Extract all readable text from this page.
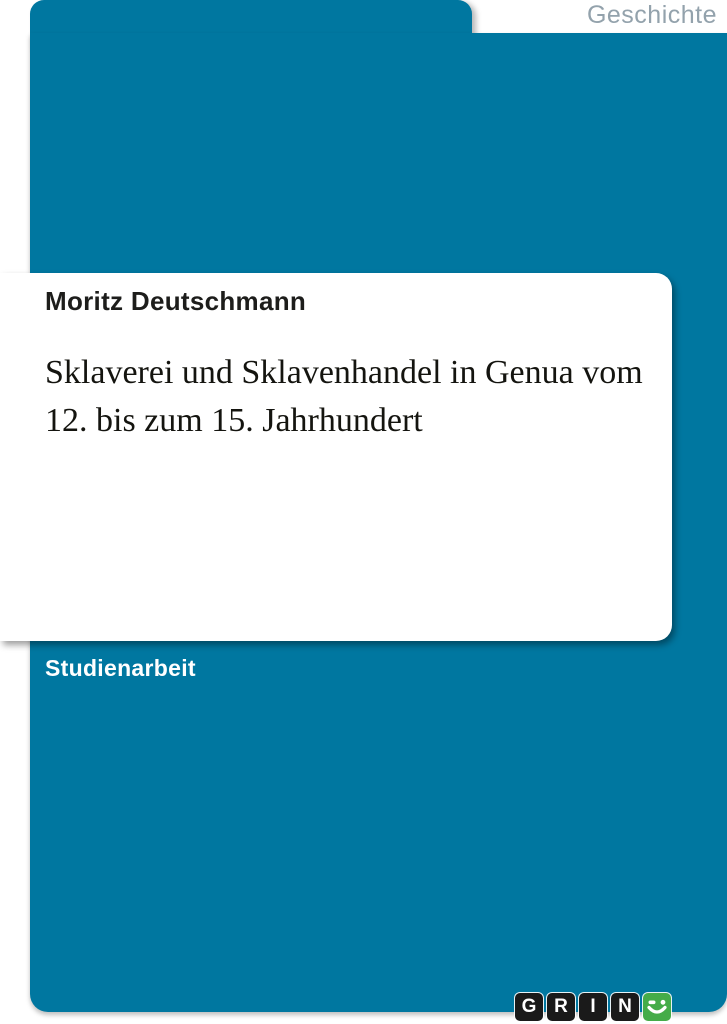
Geschichte
Moritz Deutschmann
Sklaverei und Sklavenhandel in Genua vom
12. bis zum 15. Jahrhundert
Studienarbeit
G R	I	N
